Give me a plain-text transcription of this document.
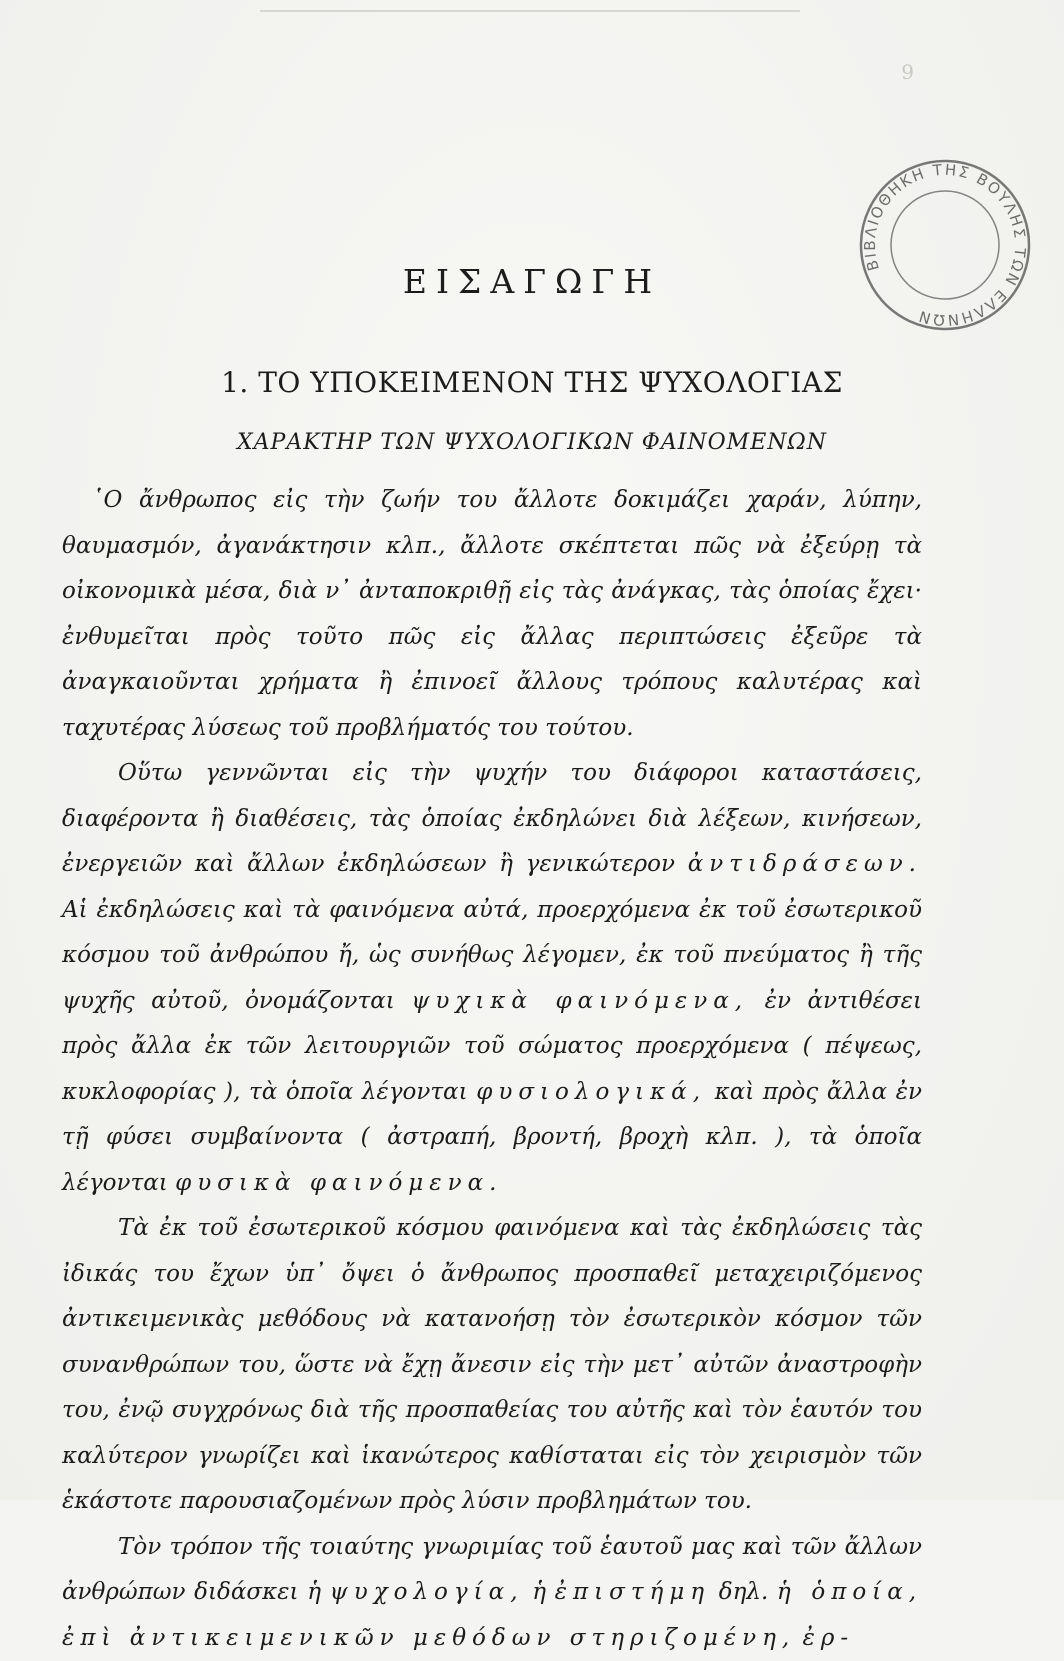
9
ΒΙΒΛΙΟΘΗΚΗ ΤΗΣ ΒΟΥΛΗΣ ΤΩΝ ΕΛΛΗΝΩΝ
ΕΙΣΑΓΩΓΗ
1. ΤΟ ΥΠΟΚΕΙΜΕΝΟΝ ΤΗΣ ΨΥΧΟΛΟΓΙΑΣ
ΧΑΡΑΚΤΗΡ ΤΩΝ ΨΥΧΟΛΟΓΙΚΩΝ ΦΑΙΝΟΜΕΝΩΝ

῾Ο ἄνθρωπος εἰς τὴν ζωήν του ἄλλοτε δοκιμάζει χαράν, λύπην, θαυμασμόν, ἀγανάκτησιν κλπ., ἄλλοτε σκέπτεται πῶς νὰ ἐξεύρῃ τὰ οἰκονομικὰ μέσα, διὰ ν᾽ ἀνταποκριθῇ εἰς τὰς ἀνάγκας, τὰς ὁποίας ἔχει· ἐνθυμεῖται πρὸς τοῦτο πῶς εἰς ἄλλας περιπτώσεις ἐξεῦρε τὰ ἀναγκαιοῦνται χρήματα ἢ ἐπινοεῖ ἄλλους τρόπους καλυτέρας καὶ ταχυτέρας λύσεως τοῦ προβλήματός του τούτου.

Οὕτω γεννῶνται εἰς τὴν ψυχήν του διάφοροι καταστάσεις, διαφέροντα ἢ διαθέσεις, τὰς ὁποίας ἐκδηλώνει διὰ λέξεων, κινήσεων, ἐνεργειῶν καὶ ἄλλων ἐκδηλώσεων ἢ γενικώτερον ἀντιδράσεων. Αἱ ἐκδηλώσεις καὶ τὰ φαινόμενα αὐτά, προερχόμενα ἐκ τοῦ ἐσωτερικοῦ κόσμου τοῦ ἀνθρώπου ἤ, ὡς συνήθως λέγομεν, ἐκ τοῦ πνεύματος ἢ τῆς ψυχῆς αὐτοῦ, ὀνομάζονται ψυχικὰ φαινόμενα, ἐν ἀντιθέσει πρὸς ἄλλα ἐκ τῶν λειτουργιῶν τοῦ σώματος προερχόμενα ( πέψεως, κυκλοφορίας ), τὰ ὁποῖα λέγονται φυσιολογικά, καὶ πρὸς ἄλλα ἐν τῇ φύσει συμβαίνοντα ( ἀστραπή, βροντή, βροχὴ κλπ. ), τὰ ὁποῖα λέγονται φυσικὰ φαινόμενα.

Τὰ ἐκ τοῦ ἐσωτερικοῦ κόσμου φαινόμενα καὶ τὰς ἐκδηλώσεις τὰς ἰδικάς του ἔχων ὑπ᾽ ὄψει ὁ ἄνθρωπος προσπαθεῖ μεταχειριζόμενος ἀντικειμενικὰς μεθόδους νὰ κατανοήσῃ τὸν ἐσωτερικὸν κόσμον τῶν συνανθρώπων του, ὥστε νὰ ἔχῃ ἄνεσιν εἰς τὴν μετ᾽ αὐτῶν ἀναστροφὴν του, ἐνῷ συγχρόνως διὰ τῆς προσπαθείας του αὐτῆς καὶ τὸν ἑαυτόν του καλύτερον γνωρίζει καὶ ἱκανώτερος καθίσταται εἰς τὸν χειρισμὸν τῶν ἑκάστοτε παρουσιαζομένων πρὸς λύσιν προβλημάτων του.

Τὸν τρόπον τῆς τοιαύτης γνωριμίας τοῦ ἑαυτοῦ μας καὶ τῶν ἄλλων ἀνθρώπων διδάσκει ἡ ψυχολογία, ἡ ἐπιστήμη δηλ. ἡ ὁποία, ἐπὶ ἀντικειμενικῶν μεθόδων στηριζομένη, ἐρ-
